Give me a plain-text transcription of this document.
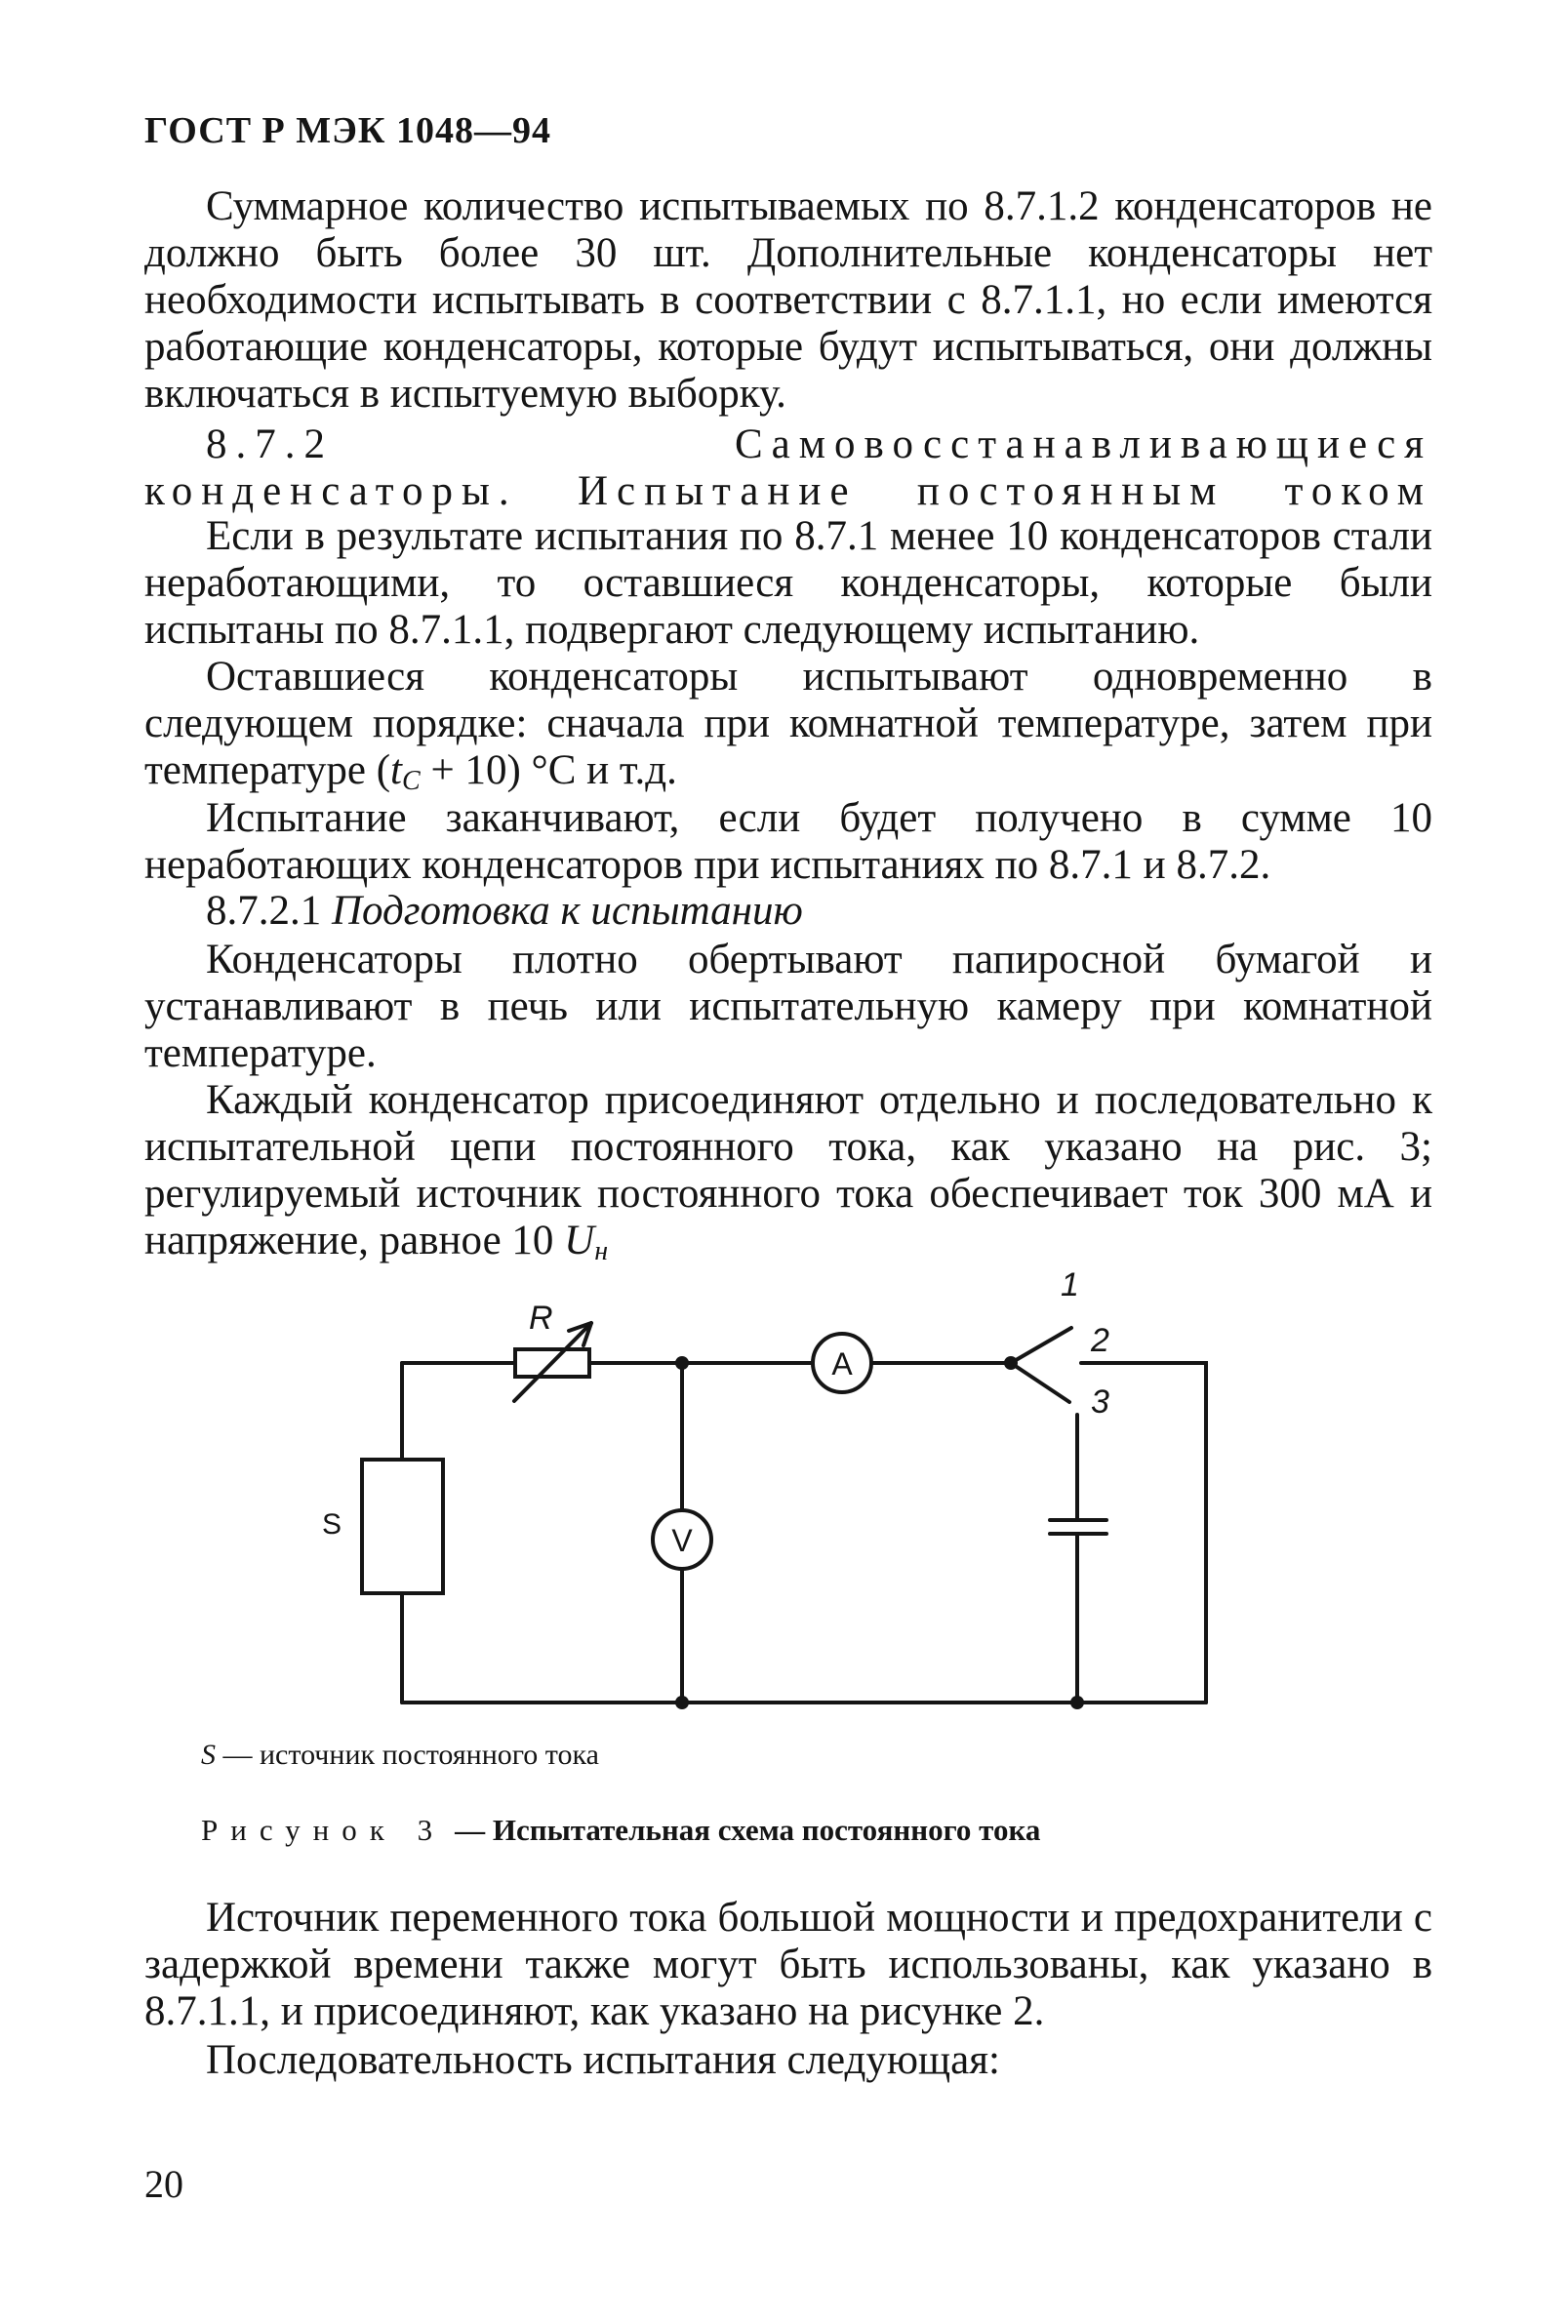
ГОСТ Р МЭК 1048—94

Суммарное количество испытываемых по 8.7.1.2 конденсаторов не должно быть более 30 шт. Дополнительные конденсаторы нет необходимости испытывать в соответствии с 8.7.1.1, но если имеются работающие конденсаторы, которые будут испытываться, они должны включаться в испытуемую выборку.

8.7.2	Самовосстанавливающиеся конденсаторы. Испытание постоянным током

Если в результате испытания по 8.7.1 менее 10 конденсаторов стали неработающими, то оставшиеся конденсаторы, которые были испытаны по 8.7.1.1, подвергают следующему испытанию.

Оставшиеся конденсаторы испытывают одновременно в следующем порядке: сначала при комнатной температуре, затем при температуре $(t_C + 10)$ °С и т.д.

Испытание заканчивают, если будет получено в сумме 10 неработающих конденсаторов при испытаниях по 8.7.1 и 8.7.2.

8.7.2.1 Подготовка к испытанию

Конденсаторы плотно обертывают папиросной бумагой и устанавливают в печь или испытательную камеру при комнатной температуре.

Каждый конденсатор присоединяют отдельно и последовательно к испытательной цепи постоянного тока, как указано на рис. 3; регулируемый источник постоянного тока обеспечивает ток 300 мА и напряжение, равное 10 $U_н$

R
1
2
3
A
V
S
S — источник постоянного тока
Рисунок 3 — Испытательная схема постоянного тока

Источник переменного тока большой мощности и предохранители с задержкой времени также могут быть использованы, как указано в 8.7.1.1, и присоединяют, как указано на рисунке 2.

Последовательность испытания следующая:

20
